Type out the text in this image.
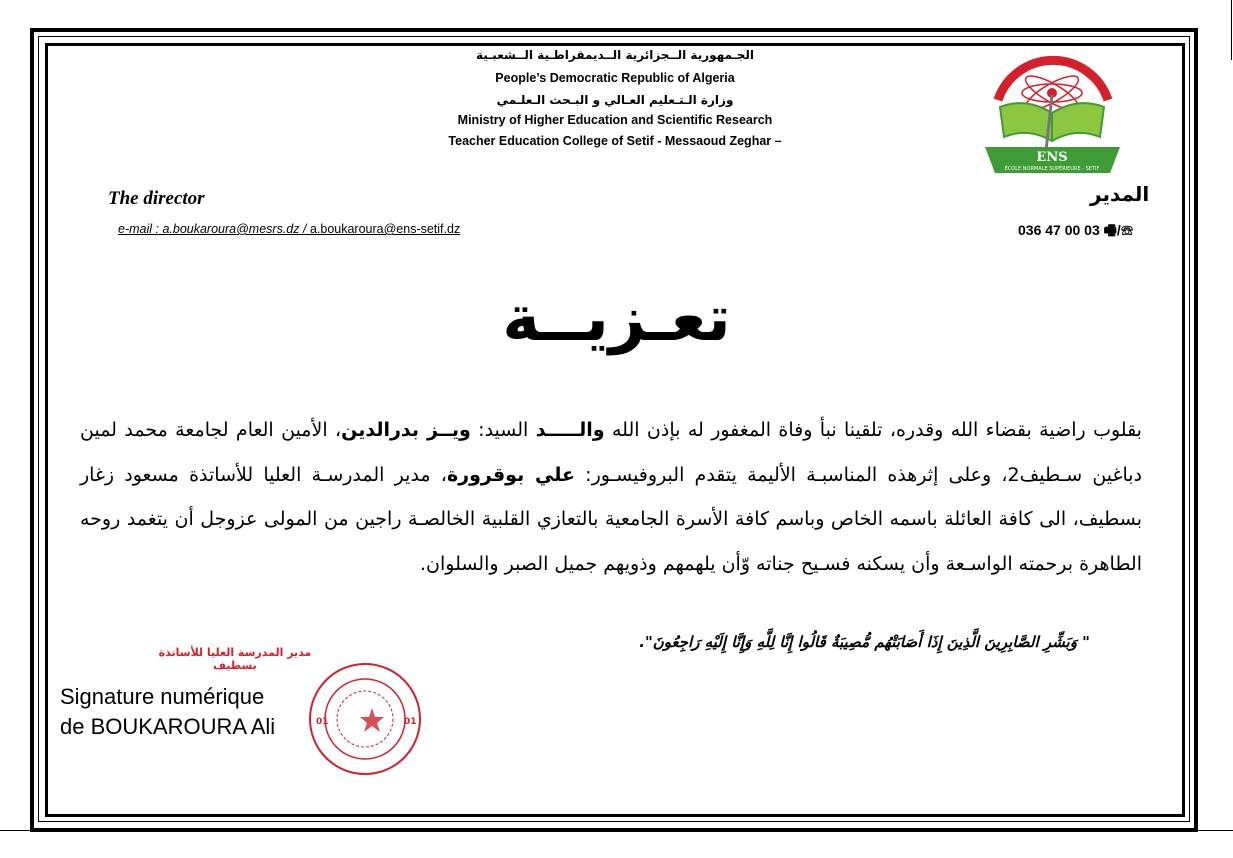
الجـمهورية الــجزائرية الــديمقراطـية الــشعبـية
People’s Democratic Republic of Algeria
وزارة الـتـعليم العـالي و البـحث الـعلـمي
Ministry of Higher Education and Scientific Research
Teacher Education College of Setif - Messaoud Zeghar –
ENS
ÉCOLE NORMALE SUPÉRIEURE - SETIF
The director
e-mail : a.boukaroura@mesrs.dz / a.boukaroura@ens-setif.dz
المدير
036 47 00 03 🖷/☏
تعـزيــة
بقلوب راضية بقضاء الله وقدره، تلقينا نبأ وفاة المغفور له بإذن الله والـــــد السيد: ويــز بدرالدين، الأمين العام لجامعة محمد لمين دباغين سـطيف2، وعلى إثرهذه المناسبـة الأليمة يتقدم البروفيسـور: علي بوقرورة، مدير المدرسـة العليا للأساتذة مسعود زغار بسطيف، الى كافة العائلة باسمه الخاص وباسم كافة الأسرة الجامعية بالتعازي القلبية الخالصـة راجين من المولى عزوجل أن يتغمد روحه الطاهرة برحمته الواسـعة وأن يسكنه فسـيح جناته وّأن يلهمهم وذويهم جميل الصبر والسلوان.
" وَبَشِّرِ الصَّابِرِينَ الَّذِينَ إِذَا أَصَابَتْهُم مُّصِيبَةٌ قَالُوا إِنَّا لِلَّهِ وَإِنَّا إِلَيْهِ رَاجِعُونَ".
مدير المدرسة العليا للأساتذة بسطيف
01	01
Signature numérique
de BOUKAROURA Ali
